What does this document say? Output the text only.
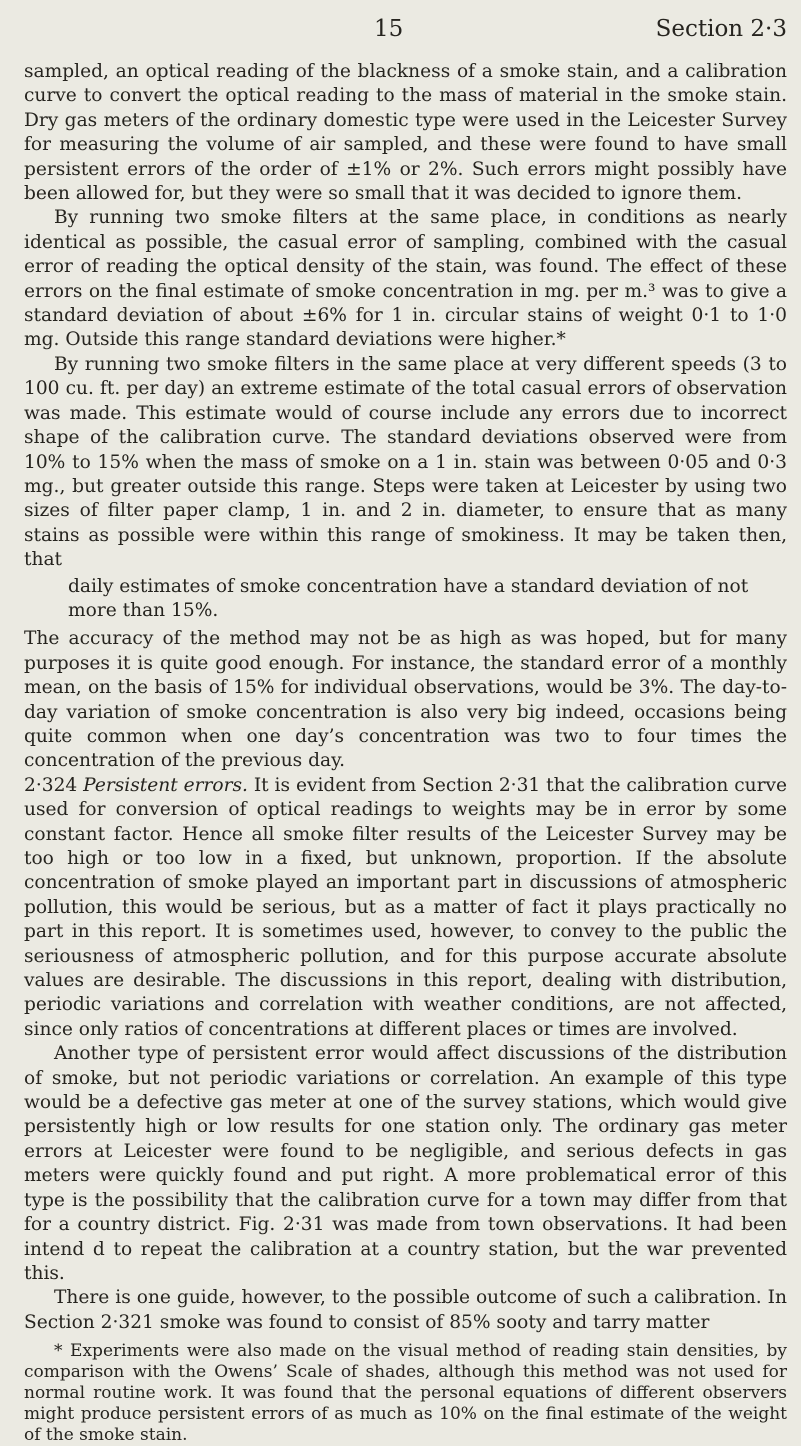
15	Section 2·3

sampled, an optical reading of the blackness of a smoke stain, and a calibration curve to convert the optical reading to the mass of material in the smoke stain. Dry gas meters of the ordinary domestic type were used in the Leicester Survey for measuring the volume of air sampled, and these were found to have small persistent errors of the order of ±1% or 2%. Such errors might possibly have been allowed for, but they were so small that it was decided to ignore them.

By running two smoke filters at the same place, in conditions as nearly identical as possible, the casual error of sampling, combined with the casual error of reading the optical density of the stain, was found. The effect of these errors on the final estimate of smoke concentration in mg. per m.³ was to give a standard deviation of about ±6% for 1 in. circular stains of weight 0·1 to 1·0 mg. Outside this range standard deviations were higher.*

By running two smoke filters in the same place at very different speeds (3 to 100 cu. ft. per day) an extreme estimate of the total casual errors of observation was made. This estimate would of course include any errors due to incorrect shape of the calibration curve. The standard deviations observed were from 10% to 15% when the mass of smoke on a 1 in. stain was between 0·05 and 0·3 mg., but greater outside this range. Steps were taken at Leicester by using two sizes of filter paper clamp, 1 in. and 2 in. diameter, to ensure that as many stains as possible were within this range of smokiness. It may be taken then, that

daily estimates of smoke concentration have a standard deviation of not more than 15%.

The accuracy of the method may not be as high as was hoped, but for many purposes it is quite good enough. For instance, the standard error of a monthly mean, on the basis of 15% for individual observations, would be 3%. The day-to-day variation of smoke concentration is also very big indeed, occasions being quite common when one day’s concentration was two to four times the concentration of the previous day.

2·324 Persistent errors. It is evident from Section 2·31 that the calibration curve used for conversion of optical readings to weights may be in error by some constant factor. Hence all smoke filter results of the Leicester Survey may be too high or too low in a fixed, but unknown, proportion. If the absolute concentration of smoke played an important part in discussions of atmospheric pollution, this would be serious, but as a matter of fact it plays practically no part in this report. It is sometimes used, however, to convey to the public the seriousness of atmospheric pollution, and for this purpose accurate absolute values are desirable. The discussions in this report, dealing with distribution, periodic variations and correlation with weather conditions, are not affected, since only ratios of concentrations at different places or times are involved.

Another type of persistent error would affect discussions of the distribution of smoke, but not periodic variations or correlation. An example of this type would be a defective gas meter at one of the survey stations, which would give persistently high or low results for one station only. The ordinary gas meter errors at Leicester were found to be negligible, and serious defects in gas meters were quickly found and put right. A more problematical error of this type is the possibility that the calibration curve for a town may differ from that for a country district. Fig. 2·31 was made from town observations. It had been intend d to repeat the calibration at a country station, but the war prevented this.

There is one guide, however, to the possible outcome of such a calibration. In Section 2·321 smoke was found to consist of 85% sooty and tarry matter

* Experiments were also made on the visual method of reading stain densities, by comparison with the Owens’ Scale of shades, although this method was not used for normal routine work. It was found that the personal equations of different observers might produce persistent errors of as much as 10% on the final estimate of the weight of the smoke stain.
